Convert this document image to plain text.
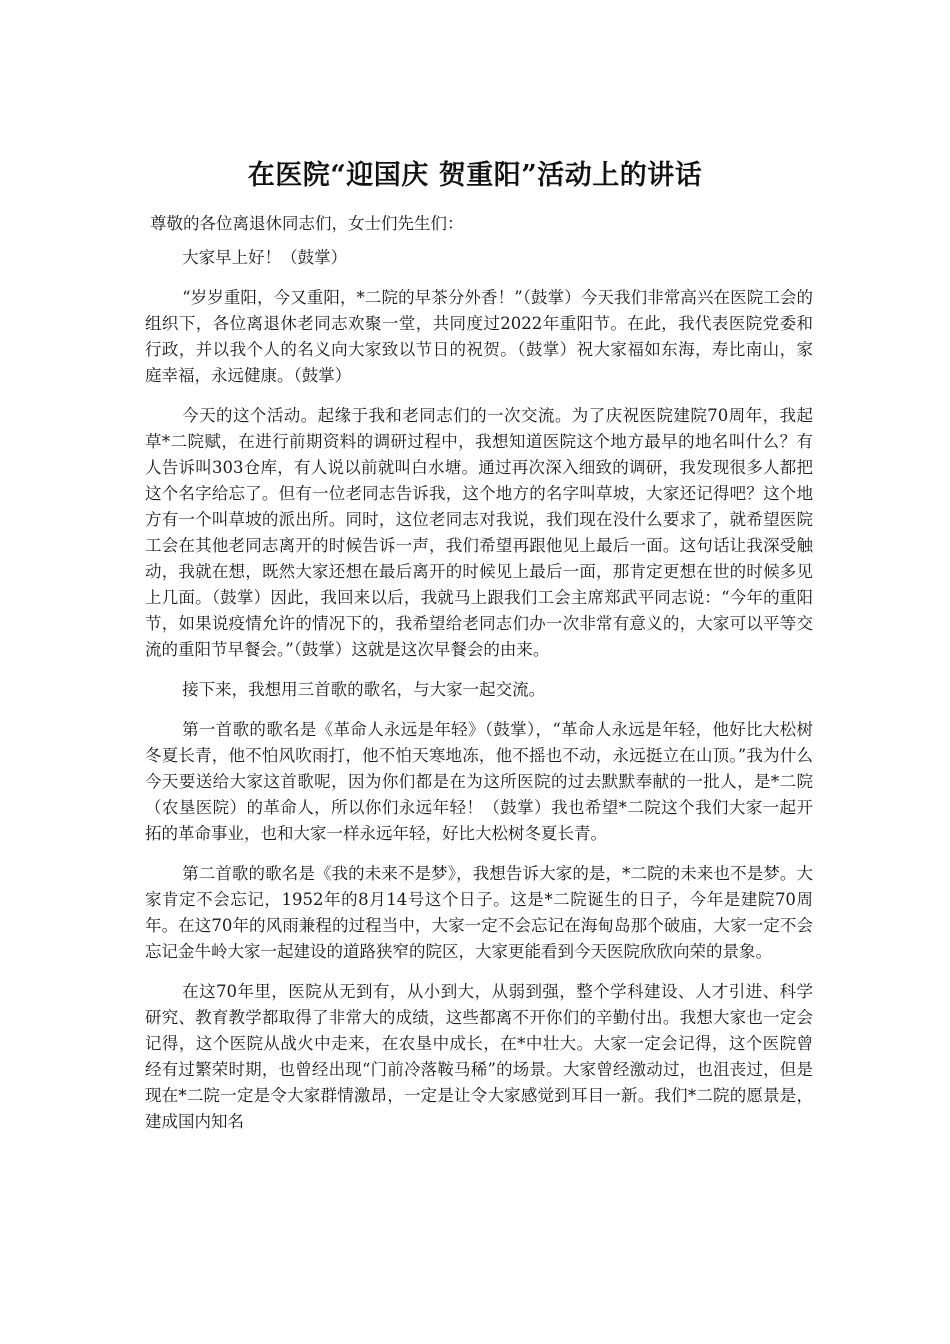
在医院“迎国庆 贺重阳”活动上的讲话
尊敬的各位离退休同志们，女士们先生们：

大家早上好！（鼓掌）

“岁岁重阳，今又重阳，*二院的早茶分外香！”（鼓掌）今天我们非常高兴在医院工会的组织下，各位离退休老同志欢聚一堂，共同度过2022年重阳节。在此，我代表医院党委和行政，并以我个人的名义向大家致以节日的祝贺。（鼓掌）祝大家福如东海，寿比南山，家庭幸福，永远健康。（鼓掌）

今天的这个活动。起缘于我和老同志们的一次交流。为了庆祝医院建院70周年，我起草*二院赋，在进行前期资料的调研过程中，我想知道医院这个地方最早的地名叫什么？有人告诉叫303仓库，有人说以前就叫白水塘。通过再次深入细致的调研，我发现很多人都把这个名字给忘了。但有一位老同志告诉我，这个地方的名字叫草坡，大家还记得吧？这个地方有一个叫草坡的派出所。同时，这位老同志对我说，我们现在没什么要求了，就希望医院工会在其他老同志离开的时候告诉一声，我们希望再跟他见上最后一面。这句话让我深受触动，我就在想，既然大家还想在最后离开的时候见上最后一面，那肯定更想在世的时候多见上几面。（鼓掌）因此，我回来以后，我就马上跟我们工会主席郑武平同志说：“今年的重阳节，如果说疫情允许的情况下的，我希望给老同志们办一次非常有意义的，大家可以平等交流的重阳节早餐会。”（鼓掌）这就是这次早餐会的由来。

接下来，我想用三首歌的歌名，与大家一起交流。

第一首歌的歌名是《革命人永远是年轻》（鼓掌），“革命人永远是年轻，他好比大松树冬夏长青，他不怕风吹雨打，他不怕天寒地冻，他不摇也不动，永远挺立在山顶。”我为什么今天要送给大家这首歌呢，因为你们都是在为这所医院的过去默默奉献的一批人，是*二院（农垦医院）的革命人，所以你们永远年轻！（鼓掌）我也希望*二院这个我们大家一起开拓的革命事业，也和大家一样永远年轻，好比大松树冬夏长青。

第二首歌的歌名是《我的未来不是梦》，我想告诉大家的是，*二院的未来也不是梦。大家肯定不会忘记，1952年的8月14号这个日子。这是*二院诞生的日子，今年是建院70周年。在这70年的风雨兼程的过程当中，大家一定不会忘记在海甸岛那个破庙，大家一定不会忘记金牛岭大家一起建设的道路狭窄的院区，大家更能看到今天医院欣欣向荣的景象。

在这70年里，医院从无到有，从小到大，从弱到强，整个学科建设、人才引进、科学研究、教育教学都取得了非常大的成绩，这些都离不开你们的辛勤付出。我想大家也一定会记得，这个医院从战火中走来，在农垦中成长，在*中壮大。大家一定会记得，这个医院曾经有过繁荣时期，也曾经出现“门前冷落鞍马稀”的场景。大家曾经激动过，也沮丧过，但是现在*二院一定是令大家群情激昂，一定是让令大家感觉到耳目一新。我们*二院的愿景是，建成国内知名
